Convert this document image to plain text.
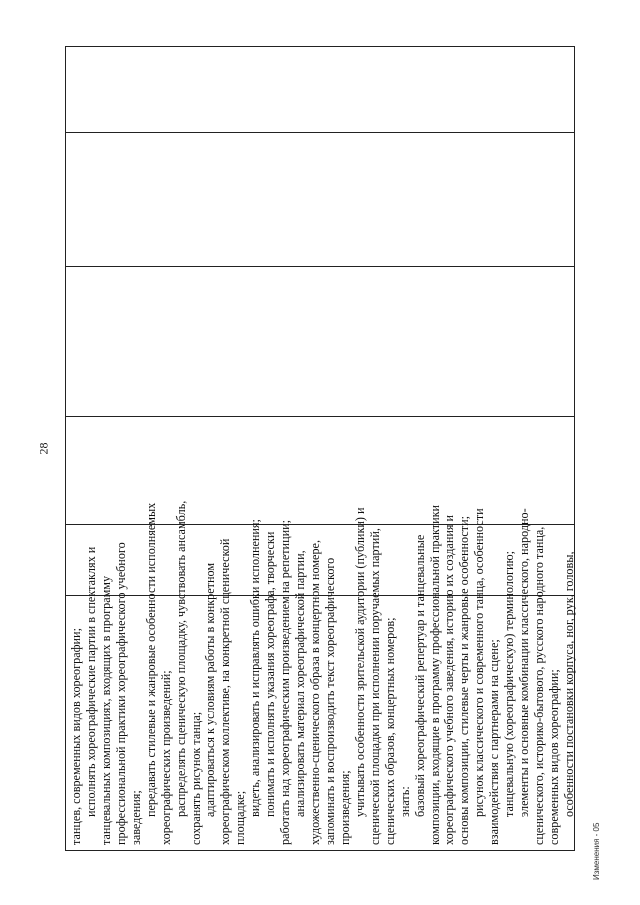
28
танцев, современных видов хореографии; исполнять хореографические партии в спектаклях и танцевальных композициях, входящих в программу профессиональной практики хореографического учебного заведения;
передавать стилевые и жанровые особенности исполняемых хореографических произведений; распределять сценическую площадку, чувствовать ансамбль, сохранять рисунок танца; адаптироваться к условиям работы в конкретном хореографическом коллективе, на конкретной сценической площадке;
видеть, анализировать и исправлять ошибки исполнения; понимать и исполнять указания хореографа, творчески работать над хореографическим произведением на репетиции; анализировать материал хореографической партии, художественно-сценического образа в концертном номере, запоминать и воспроизводить текст хореографического произведения; учитывать особенности зрительской аудитории (публики) и сценической площадки при исполнении поручаемых партий, сценических образов, концертных номеров; знать: базовый хореографический репертуар и танцевальные композиции, входящие в программу профессиональной практики хореографического учебного заведения, историю их создания и основы композиции, стилевые черты и жанровые особенности; рисунок классического и современного танца, особенности взаимодействия с партнерами на сцене; танцевальную (хореографическую) терминологию; элементы и основные комбинации классического, народно- сценического, историко-бытового, русского народного танца, современных видов хореографии; особенности постановки корпуса, ног, рук, головы,
Изменения - 05
